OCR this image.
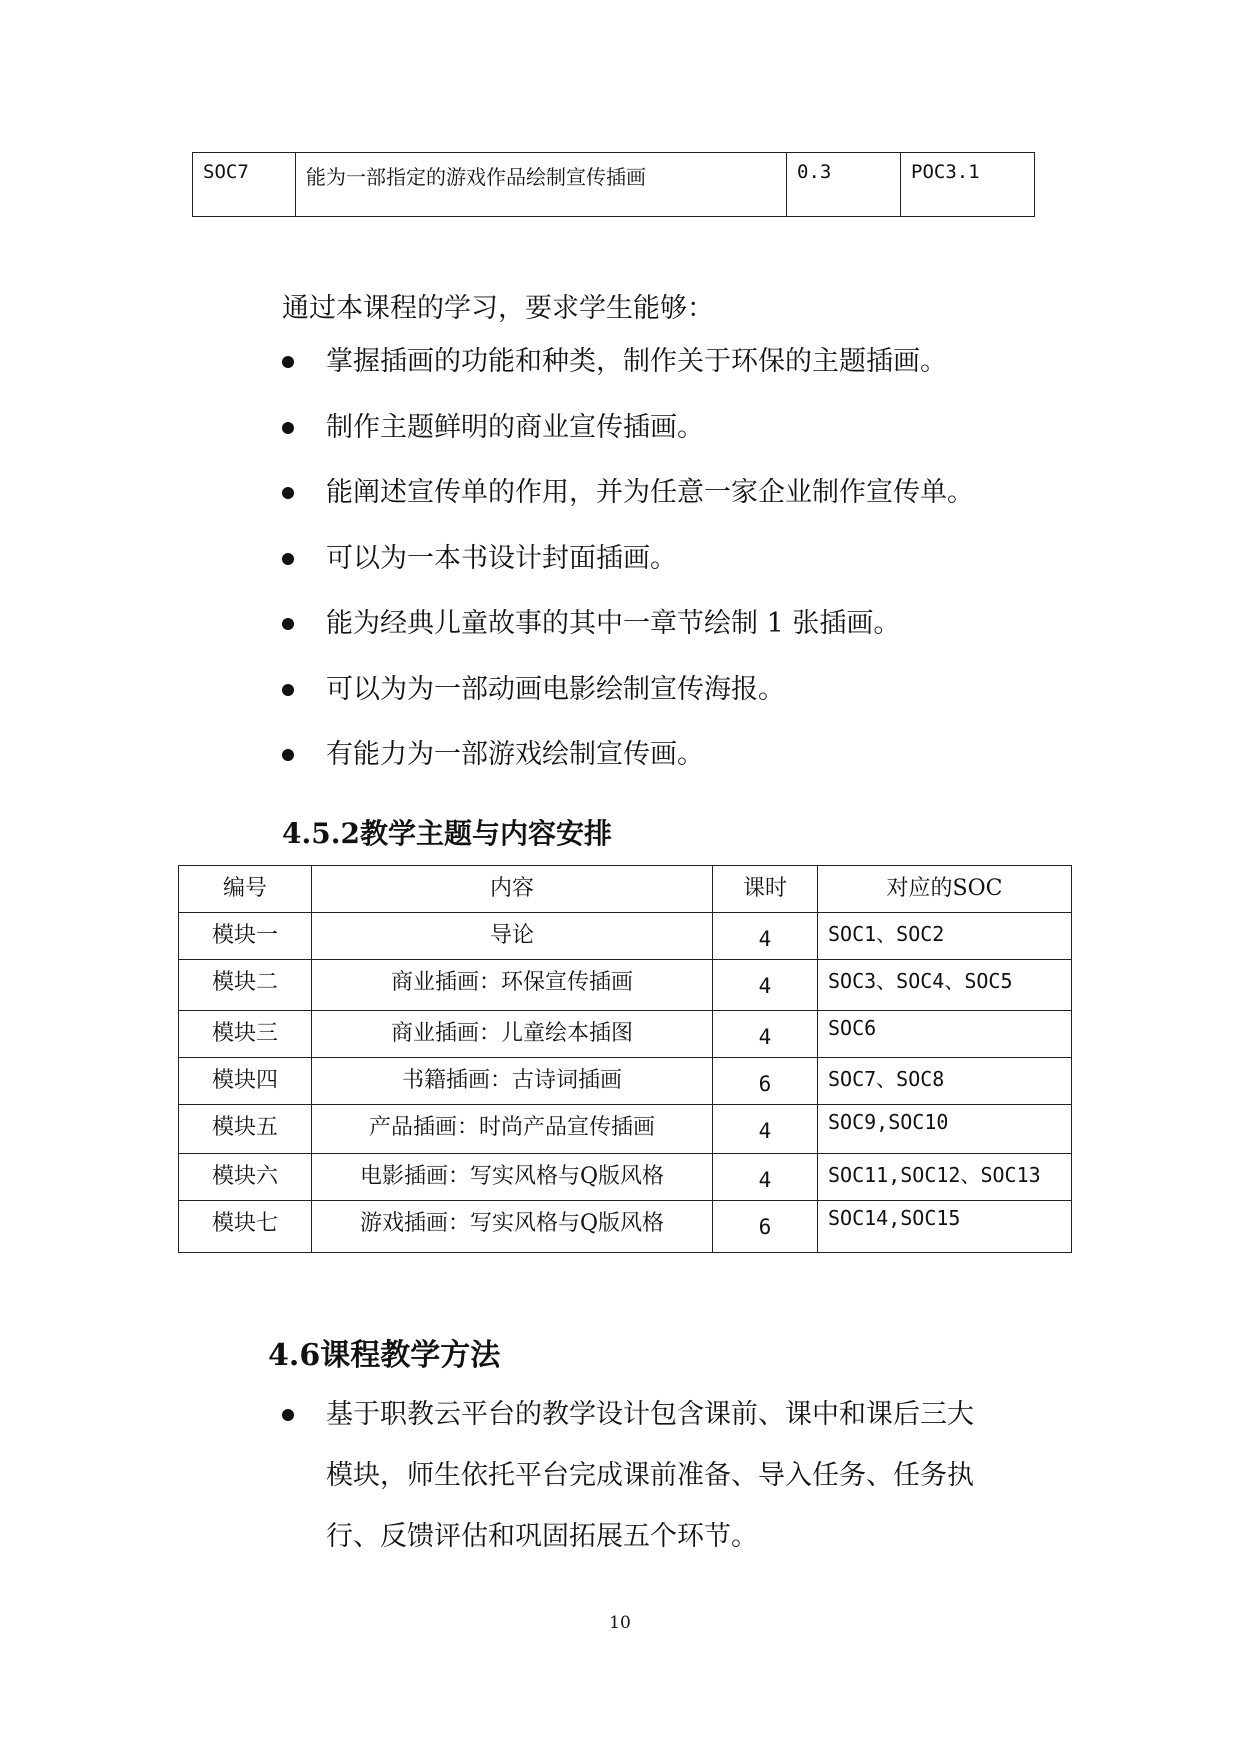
SOC7	能为一部指定的游戏作品绘制宣传插画	0.3	POC3.1
通过本课程的学习，要求学生能够：
掌握插画的功能和种类，制作关于环保的主题插画。
制作主题鲜明的商业宣传插画。
能阐述宣传单的作用，并为任意一家企业制作宣传单。
可以为一本书设计封面插画。
能为经典儿童故事的其中一章节绘制 1 张插画。
可以为为一部动画电影绘制宣传海报。
有能力为一部游戏绘制宣传画。
4.5.2教学主题与内容安排
编号	内容	课时	对应的SOC
模块一	导论	4	SOC1、SOC2
模块二	商业插画：环保宣传插画	4	SOC3、SOC4、SOC5
模块三	商业插画：儿童绘本插图	4	SOC6
模块四	书籍插画：古诗词插画	6	SOC7、SOC8
模块五	产品插画：时尚产品宣传插画	4	SOC9,SOC10
模块六	电影插画：写实风格与Q版风格	4	SOC11,SOC12、SOC13
模块七	游戏插画：写实风格与Q版风格	6	SOC14,SOC15
4.6课程教学方法
基于职教云平台的教学设计包含课前、课中和课后三大
模块，师生依托平台完成课前准备、导入任务、任务执
行、反馈评估和巩固拓展五个环节。
10
